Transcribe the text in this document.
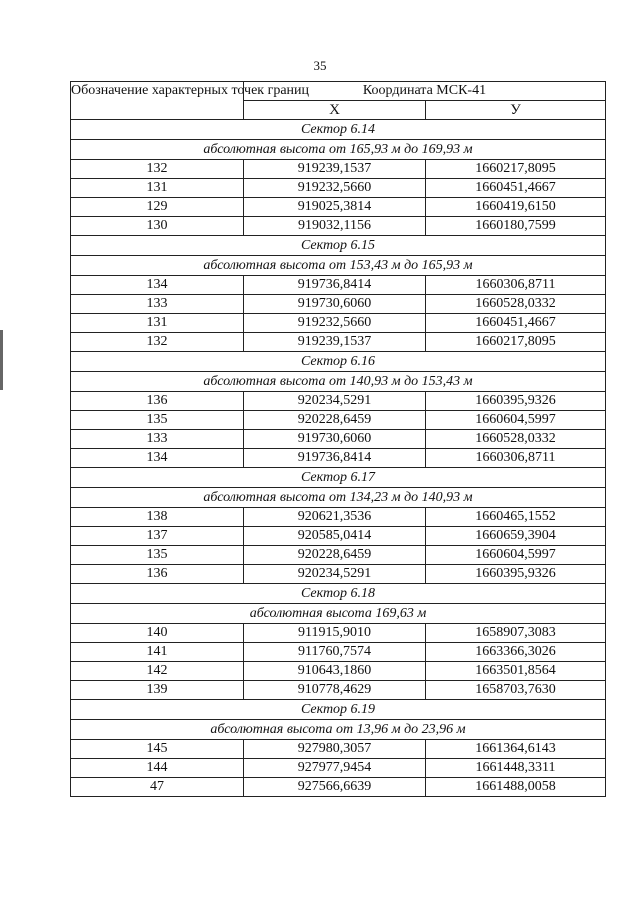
35
Обозначение характерных точек границ	Координата МСК-41	
	Х	У
Сектор 6.14		
абсолютная высота от 165,93 м до 169,93 м		
132	919239,1537	1660217,8095
131	919232,5660	1660451,4667
129	919025,3814	1660419,6150
130	919032,1156	1660180,7599
Сектор 6.15		
абсолютная высота от 153,43 м до 165,93 м		
134	919736,8414	1660306,8711
133	919730,6060	1660528,0332
131	919232,5660	1660451,4667
132	919239,1537	1660217,8095
Сектор 6.16		
абсолютная высота от 140,93 м до 153,43 м		
136	920234,5291	1660395,9326
135	920228,6459	1660604,5997
133	919730,6060	1660528,0332
134	919736,8414	1660306,8711
Сектор 6.17		
абсолютная высота от 134,23 м до 140,93 м		
138	920621,3536	1660465,1552
137	920585,0414	1660659,3904
135	920228,6459	1660604,5997
136	920234,5291	1660395,9326
Сектор 6.18		
абсолютная высота 169,63 м		
140	911915,9010	1658907,3083
141	911760,7574	1663366,3026
142	910643,1860	1663501,8564
139	910778,4629	1658703,7630
Сектор 6.19		
абсолютная высота от 13,96 м до 23,96 м		
145	927980,3057	1661364,6143
144	927977,9454	1661448,3311
47	927566,6639	1661488,0058
